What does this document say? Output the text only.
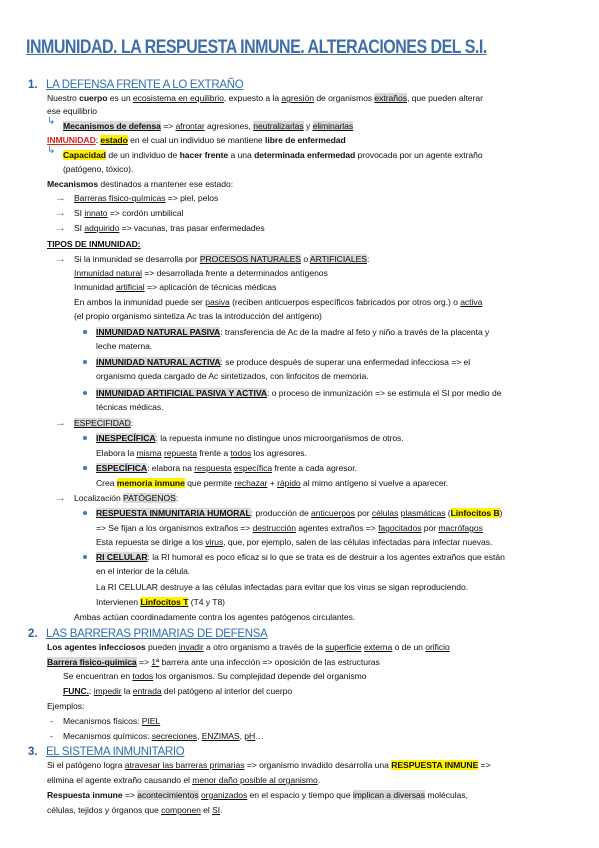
INMUNIDAD. LA RESPUESTA INMUNE. ALTERACIONES DEL S.I.
1. LA DEFENSA FRENTE A LO EXTRAÑO
Nuestro cuerpo es un ecosistema en equilibrio, expuesto a la agresión de organismos extraños, que pueden alterar
ese equilibrio
↳ Mecanismos de defensa => afrontar agresiones, neutralizarlas y eliminarlas
INMUNIDAD: estado en el cual un individuo se mantiene libre de enfermedad
↳ Capacidad de un individuo de hacer frente a una determinada enfermedad provocada por un agente extraño
(patógeno, tóxico).
Mecanismos destinados a mantener ese estado:
→ Barreras físico-químicas => piel, pelos
→ SI innato => cordón umbilical
→ SI adquirido => vacunas, tras pasar enfermedades
TIPOS DE INMUNIDAD:
→ Si la inmunidad se desarrolla por PROCESOS NATURALES o ARTIFICIALES:
Inmunidad natural => desarrollada frente a determinados antígenos
Inmunidad artificial => aplicación de técnicas médicas
En ambos la inmunidad puede ser pasiva (reciben anticuerpos específicos fabricados por otros org.) o activa
(el propio organismo sintetiza Ac tras la introducción del antígeno)
INMUNIDAD NATURAL PASIVA: transferencia de Ac de la madre al feto y niño a través de la placenta y
leche materna.
INMUNIDAD NATURAL ACTIVA: se produce después de superar una enfermedad infecciosa => el
organismo queda cargado de Ac sintetizados, con linfocitos de memoria.
INMUNIDAD ARTIFICIAL PASIVA Y ACTIVA: o proceso de inmunización => se estimula el SI por medio de
técnicas médicas.
→ ESPECIFIDAD:
INESPECÍFICA: la repuesta inmune no distingue unos microorganismos de otros.
Elabora la misma repuesta frente a todos los agresores.
ESPECÍFICA: elabora na respuesta específica frente a cada agresor.
Crea memoria inmune que permite rechazar + rápido al mimo antígeno si vuelve a aparecer.
→ Localización PATÓGENOS:
RESPUESTA INMUNITARIA HUMORAL: producción de anticuerpos por células plasmáticas (Linfocitos B)
=> Se fijan a los organismos extraños => destrucción agentes extraños => fagocitados por macrófagos
Esta repuesta se dirige a los virus, que, por ejemplo, salen de las células infectadas para infectar nuevas.
RI CELULAR: la RI humoral es poco eficaz si lo que se trata es de destruir a los agentes extraños que están
en el interior de la célula.
La RI CELULAR destruye a las células infectadas para evitar que los virus se sigan reproduciendo.
Intervienen Linfocitos T (T4 y T8)
Ambas actúan coordinadamente contra los agentes patógenos circulantes.
2. LAS BARRERAS PRIMARIAS DE DEFENSA
Los agentes infecciosos pueden invadir a otro organismo a través de la superficie externa o de un orificio
Barrera físico-química => 1ª barrera ante una infección => oposición de las estructuras
Se encuentran en todos los organismos. Su complejidad depende del organismo
FUNC.: impedir la entrada del patógeno al interior del cuerpo
Ejemplos:
- Mecanismos físicos: PIEL
- Mecanismos químicos: secreciones, ENZIMAS, pH…
3. EL SISTEMA INMUNITARIO
Si el patógeno logra atravesar las barreras primarias => organismo invadido desarrolla una RESPUESTA INMUNE =>
elimina el agente extraño causando el menor daño posible al organismo.
Respuesta inmune => acontecimientos organizados en el espacio y tiempo que implican a diversas moléculas,
células, tejidos y órganos que componen el SI.
